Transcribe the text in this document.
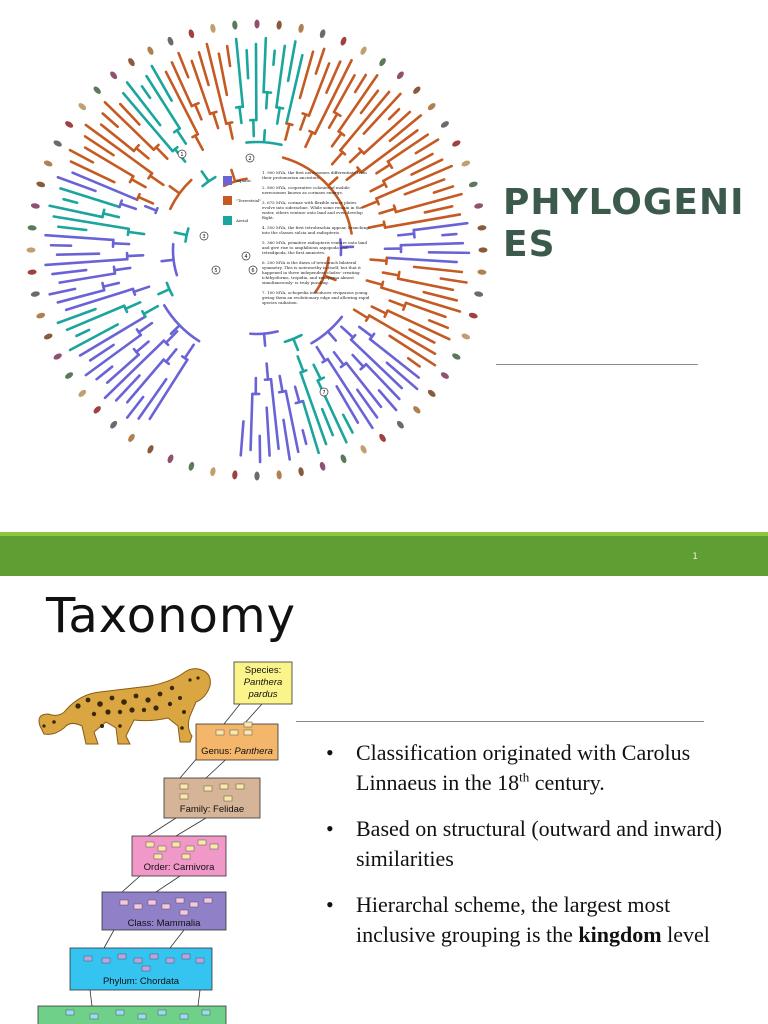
1
2
3
4
5	6
7
Aquatic
"Terrestrial"
Aerial
1. 900 MYA, the first nereosomes differentiate from
their protomorian ancestors.
2. 800 MYA, cooperative colonies of mobile
nereosomes known as corinaes emerge.
3. 675 MYA, corinae with flexible armor plates
evolve into siderachne. While some remain in the
water, others venture onto land and even develop
flight.
4. 550 MYA, the first tetrobrachia appear, branching
into the classes sulcia and radiopteris.
5. 360 MYA, primitive radiopteris venture onto land
and give rise to amphibious aspopoda and
tetradipoda, the first amniotes.
6. 200 MYA is the dawn of tetrabrach bilateral
symmetry. This is noteworthy in itself, but that it
happened in three independent clades- creating
ichthyoforms, tropidia, and xenopoma almost
simultaneously- is truly puzzling.
7. 100 MYA, ochopedia introduces viviparous young,
giving them an evolutionary edge and allowing rapid
species radiation.
PHYLOGENIES
1
Taxonomy
Species:
Panthera
pardus
Genus: Panthera
Family: Felidae
Order: Carnivora
Class: Mammalia
Phylum: Chordata
• Classification originated with Carolus Linnaeus in the 18th century.
• Based on structural (outward and inward) similarities
• Hierarchal scheme, the largest most inclusive grouping is the kingdom level
